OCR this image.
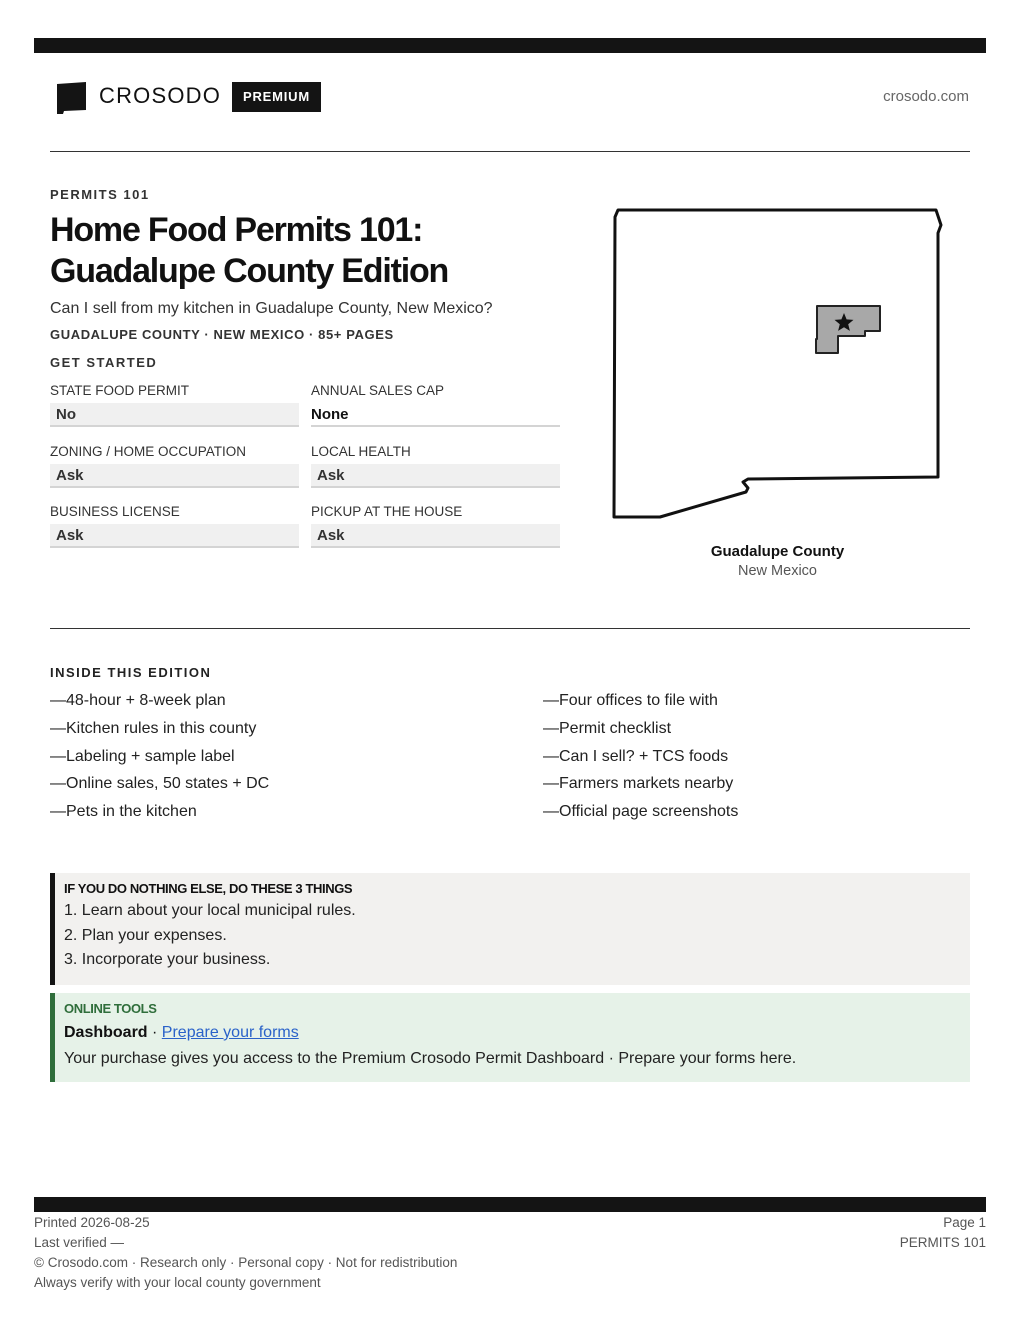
CROSODO	PREMIUM	crosodo.com
PERMITS 101
Home Food Permits 101:
Guadalupe County Edition
Can I sell from my kitchen in Guadalupe County, New Mexico?
GUADALUPE COUNTY · NEW MEXICO · 85+ PAGES
GET STARTED
STATE FOOD PERMIT
No
ANNUAL SALES CAP
None
ZONING / HOME OCCUPATION
Ask
LOCAL HEALTH
Ask
BUSINESS LICENSE
Ask
PICKUP AT THE HOUSE
Ask
Guadalupe County
New Mexico
INSIDE THIS EDITION
—48-hour + 8-week plan
—Kitchen rules in this county
—Labeling + sample label
—Online sales, 50 states + DC
—Pets in the kitchen
—Four offices to file with
—Permit checklist
—Can I sell? + TCS foods
—Farmers markets nearby
—Official page screenshots
IF YOU DO NOTHING ELSE, DO THESE 3 THINGS
1. Learn about your local municipal rules.
2. Plan your expenses.
3. Incorporate your business.
ONLINE TOOLS
Dashboard · Prepare your forms
Your purchase gives you access to the Premium Crosodo Permit Dashboard · Prepare your forms here.
Printed 2026-08-25
Last verified —
© Crosodo.com · Research only · Personal copy · Not for redistribution
Always verify with your local county government
Page 1
PERMITS 101
